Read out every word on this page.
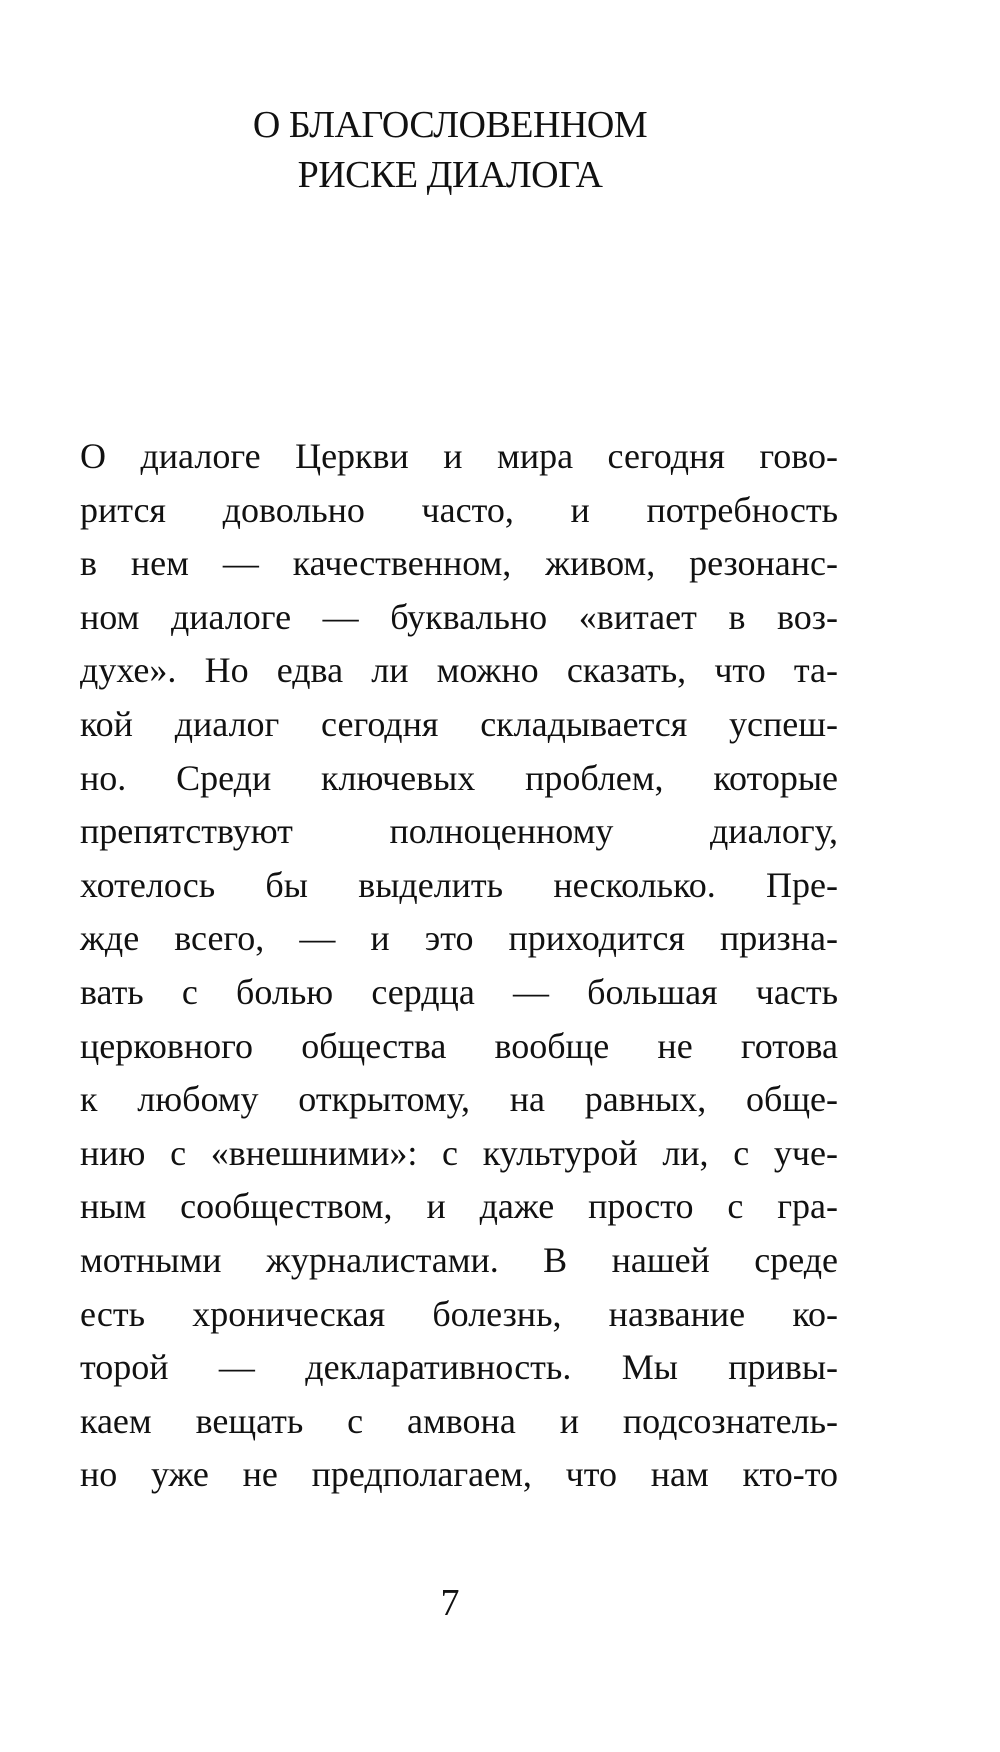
О БЛАГОСЛОВЕННОМ
РИСКЕ ДИАЛОГА
О диалоге Церкви и мира сегодня гово-
рится довольно часто, и потребность
в нем — качественном, живом, резонанс-
ном диалоге — буквально «витает в воз-
духе». Но едва ли можно сказать, что та-
кой диалог сегодня складывается успеш-
но. Среди ключевых проблем, которые
препятствуют полноценному диалогу,
хотелось бы выделить несколько. Пре-
жде всего, — и это приходится призна-
вать с болью сердца — большая часть
церковного общества вообще не готова
к любому открытому, на равных, обще-
нию с «внешними»: с культурой ли, с уче-
ным сообществом, и даже просто с гра-
мотными журналистами. В нашей среде
есть хроническая болезнь, название ко-
торой — декларативность. Мы привы-
каем вещать с амвона и подсознатель-
но уже не предполагаем, что нам кто-то
7
